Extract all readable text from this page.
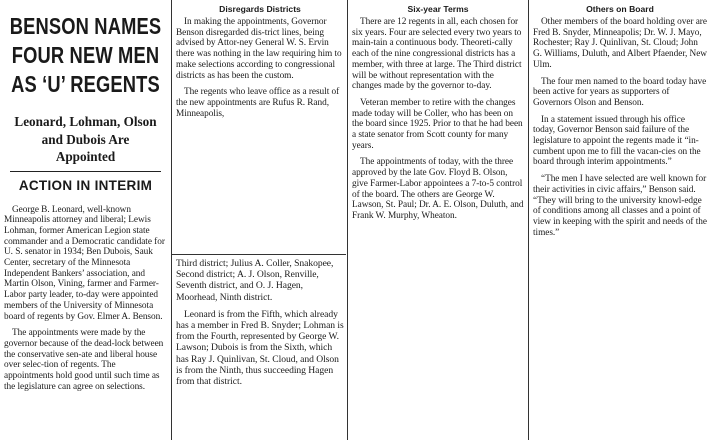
BENSON NAMES
FOUR NEW MEN
AS ‘U’ REGENTS
Leonard, Lohman, Olson
and Dubois Are
Appointed
ACTION IN INTERIM

George B. Leonard, well-known Minneapolis attorney and liberal; Lewis Lohman, former American Legion state commander and a Democratic candidate for U. S. senator in 1934; Ben Dubois, Sauk Center, secretary of the Minnesota Independent Bankers’ association, and Martin Olson, Vining, farmer and Farmer-Labor party leader, to-day were appointed members of the University of Minnesota board of regents by Gov. Elmer A. Benson.

The appointments were made by the governor because of the dead-lock between the conservative sen-ate and liberal house over selec-tion of regents. The appointments hold good until such time as the legislature can agree on selections.

Disregards Districts

In making the appointments, Governor Benson disregarded dis-trict lines, being advised by Attor-ney General W. S. Ervin there was nothing in the law requiring him to make selections according to congressional districts as has been the custom.

The regents who leave office as a result of the new appointments are Rufus R. Rand, Minneapolis,

Third district; Julius A. Coller, Snakopee, Second district; A. J. Olson, Renville, Seventh district, and O. J. Hagen, Moorhead, Ninth district.

Leonard is from the Fifth, which already has a member in Fred B. Snyder; Lohman is from the Fourth, represented by George W. Lawson; Dubois is from the Sixth, which has Ray J. Quinlivan, St. Cloud, and Olson is from the Ninth, thus succeeding Hagen from that district.

Six-year Terms

There are 12 regents in all, each chosen for six years. Four are selected every two years to main-tain a continuous body. Theoreti-cally each of the nine congressional districts has a member, with three at large. The Third district will be without representation with the changes made by the governor to-day.

Veteran member to retire with the changes made today will be Coller, who has been on the board since 1925. Prior to that he had been a state senator from Scott county for many years.

The appointments of today, with the three approved by the late Gov. Floyd B. Olson, give Farmer-Labor appointees a 7-to-5 control of the board. The others are George W. Lawson, St. Paul; Dr. A. E. Olson, Duluth, and Frank W. Murphy, Wheaton.

Others on Board

Other members of the board holding over are Fred B. Snyder, Minneapolis; Dr. W. J. Mayo, Rochester; Ray J. Quinlivan, St. Cloud; John G. Williams, Duluth, and Albert Pfaender, New Ulm.

The four men named to the board today have been active for years as supporters of Governors Olson and Benson.

In a statement issued through his office today, Governor Benson said failure of the legislature to appoint the regents made it “in-cumbent upon me to fill the vacan-cies on the board through interim appointments.”

“The men I have selected are well known for their activities in civic affairs,” Benson said. “They will bring to the university knowl-edge of conditions among all classes and a point of view in keeping with the spirit and needs of the times.”
